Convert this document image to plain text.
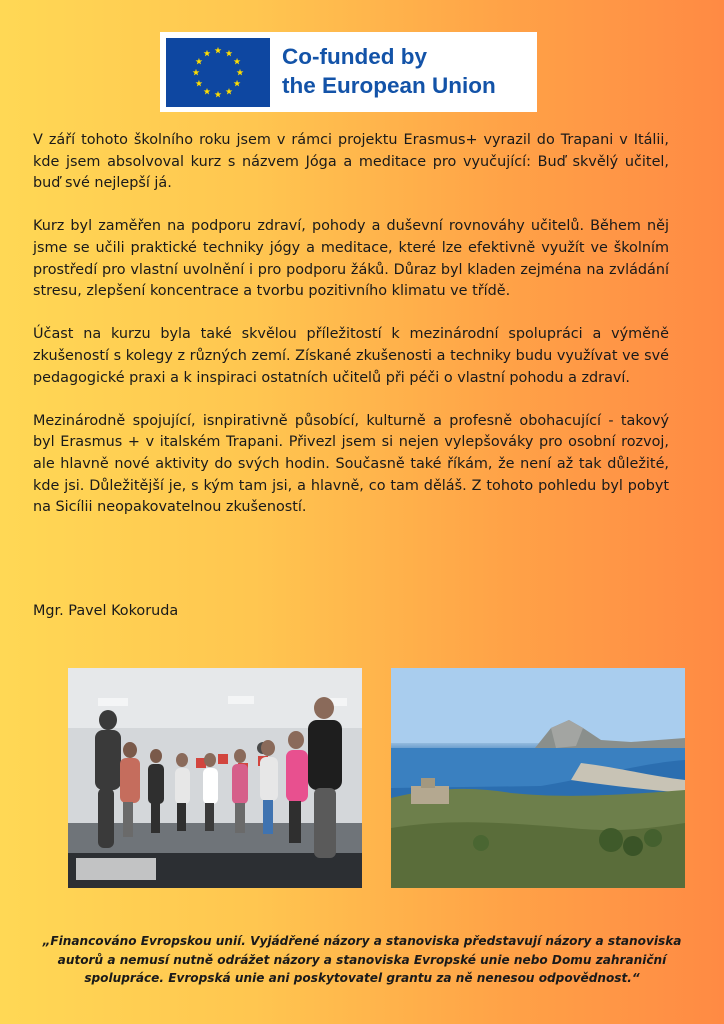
Co-funded by
the European Union

V září tohoto školního roku jsem v rámci projektu Erasmus+ vyrazil do Trapani v Itálii, kde jsem absolvoval kurz s názvem Jóga a meditace pro vyučující: Buď skvělý učitel, buď své nejlepší já.

Kurz byl zaměřen na podporu zdraví, pohody a duševní rovnováhy učitelů. Během něj jsme se učili praktické techniky jógy a meditace, které lze efektivně využít ve školním prostředí pro vlastní uvolnění i pro podporu žáků. Důraz byl kladen zejména na zvládání stresu, zlepšení koncentrace a tvorbu pozitivního klimatu ve třídě.

Účast na kurzu byla také skvělou příležitostí k mezinárodní spolupráci a výměně zkušeností s kolegy z různých zemí. Získané zkušenosti a techniky budu využívat ve své pedagogické praxi a k inspiraci ostatních učitelů při péči o vlastní pohodu a zdraví.

Mezinárodně spojující, isnpirativně působící, kulturně a profesně obohacující - takový byl Erasmus + v italském Trapani. Přivezl jsem si nejen vylepšováky pro osobní rozvoj, ale hlavně nové aktivity do svých hodin. Současně také říkám, že není až tak důležité, kde jsi. Důležitější je, s kým tam jsi, a hlavně, co tam děláš. Z tohoto pohledu byl pobyt na Sicílii neopakovatelnou zkušeností.

Mgr. Pavel Kokoruda
„Financováno Evropskou unií. Vyjádřené názory a stanoviska představují názory a stanoviska autorů a nemusí nutně odrážet názory a stanoviska Evropské unie nebo Domu zahraniční spolupráce. Evropská unie ani poskytovatel grantu za ně nenesou odpovědnost.“
